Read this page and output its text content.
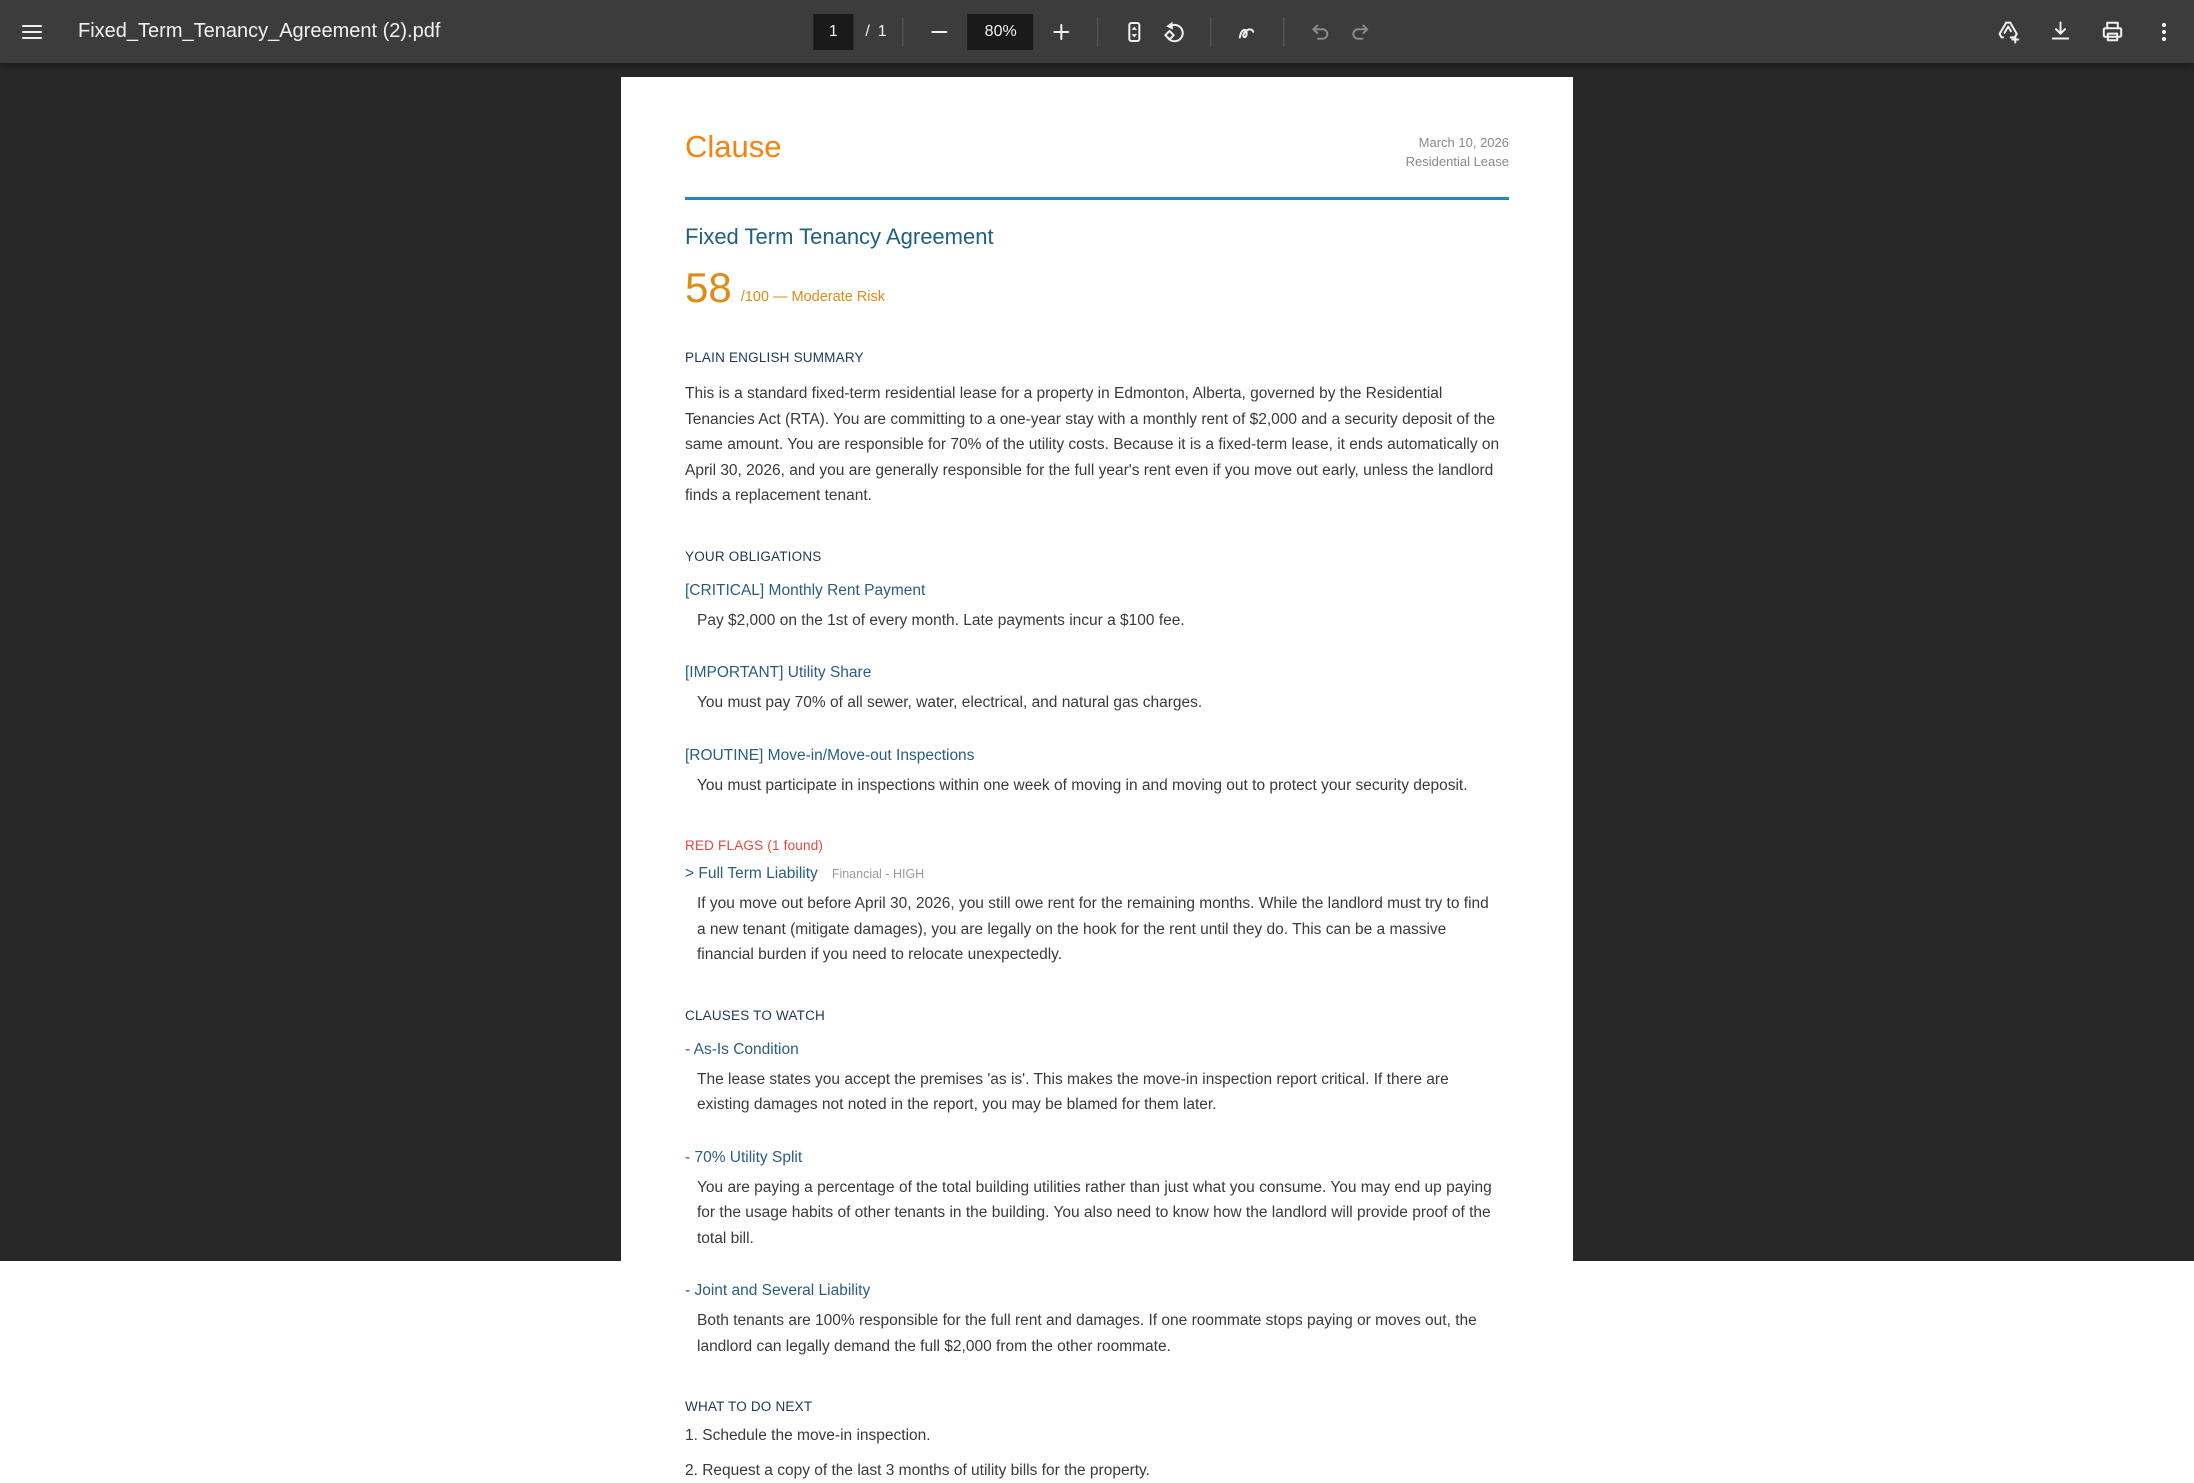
Fixed_Term_Tenancy_Agreement (2).pdf
1	/ 1	80%
Clause	March 10, 2026
Residential Lease
Fixed Term Tenancy Agreement
58 /100 — Moderate Risk
PLAIN ENGLISH SUMMARY
This is a standard fixed-term residential lease for a property in Edmonton, Alberta, governed by the Residential Tenancies Act (RTA). You are committing to a one-year stay with a monthly rent of $2,000 and a security deposit of the same amount. You are responsible for 70% of the utility costs. Because it is a fixed-term lease, it ends automatically on April 30, 2026, and you are generally responsible for the full year's rent even if you move out early, unless the landlord finds a replacement tenant.
YOUR OBLIGATIONS
[CRITICAL] Monthly Rent Payment
Pay $2,000 on the 1st of every month. Late payments incur a $100 fee.
[IMPORTANT] Utility Share
You must pay 70% of all sewer, water, electrical, and natural gas charges.
[ROUTINE] Move-in/Move-out Inspections
You must participate in inspections within one week of moving in and moving out to protect your security deposit.
RED FLAGS (1 found)
> Full Term Liability Financial - HIGH
If you move out before April 30, 2026, you still owe rent for the remaining months. While the landlord must try to find a new tenant (mitigate damages), you are legally on the hook for the rent until they do. This can be a massive financial burden if you need to relocate unexpectedly.
CLAUSES TO WATCH
- As-Is Condition
The lease states you accept the premises 'as is'. This makes the move-in inspection report critical. If there are existing damages not noted in the report, you may be blamed for them later.
- 70% Utility Split
You are paying a percentage of the total building utilities rather than just what you consume. You may end up paying for the usage habits of other tenants in the building. You also need to know how the landlord will provide proof of the total bill.
- Joint and Several Liability
Both tenants are 100% responsible for the full rent and damages. If one roommate stops paying or moves out, the landlord can legally demand the full $2,000 from the other roommate.
WHAT TO DO NEXT
1. Schedule the move-in inspection.
2. Request a copy of the last 3 months of utility bills for the property.
